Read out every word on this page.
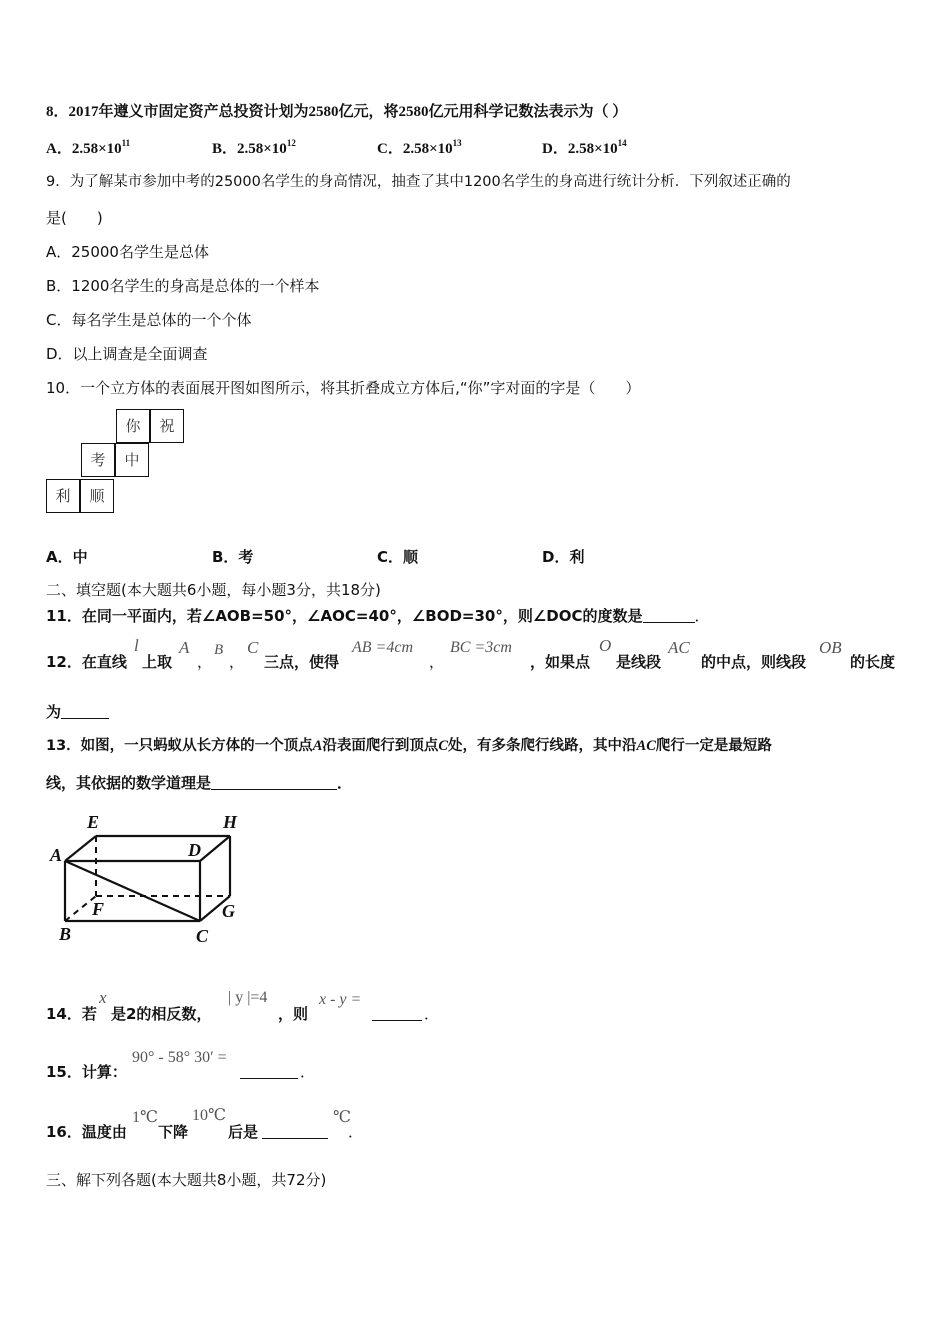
8．2017年遵义市固定资产总投资计划为2580亿元，将2580亿元用科学记数法表示为（ ）
A．$2.58\times 10^{11}$	B．$2.58\times 10^{12}$	C．$2.58\times 10^{13}$	D．$2.58\times 10^{14}$
9．为了解某市参加中考的25000名学生的身高情况，抽查了其中1200名学生的身高进行统计分析．下列叙述正确的
是(　　)
A．25000名学生是总体
B．1200名学生的身高是总体的一个样本
C．每名学生是总体的一个个体
D．以上调查是全面调查
10．一个立方体的表面展开图如图所示，将其折叠成立方体后,“你”字对面的字是（　　）
你	祝
考	中
利	顺
A．中	B．考	C．顺	D．利
二、填空题(本大题共6小题，每小题3分，共18分)
11．在同一平面内，若∠AOB=50°，∠AOC=40°，∠BOD=30°，则∠DOC的度数是	．
12．在直线
l
上取
A
，
B
，
C
三点，使得
AB =4cm
，
BC =3cm
，如果点
O
是线段
AC
的中点，则线段
OB
的长度
为
13．如图，一只蚂蚁从长方体的一个顶点A沿表面爬行到顶点C处，有多条爬行线路，其中沿AC爬行一定是最短路
线，其依据的数学道理是	．
E	H
A	D
F	G
B	C
14．若
x
是2的相反数，
| y |=4
，则
x - y =
．
15．计算：
90° - 58° 30′ =
．
16．温度由
1℃
下降
10℃
后是
℃
．
三、解下列各题(本大题共8小题，共72分)
